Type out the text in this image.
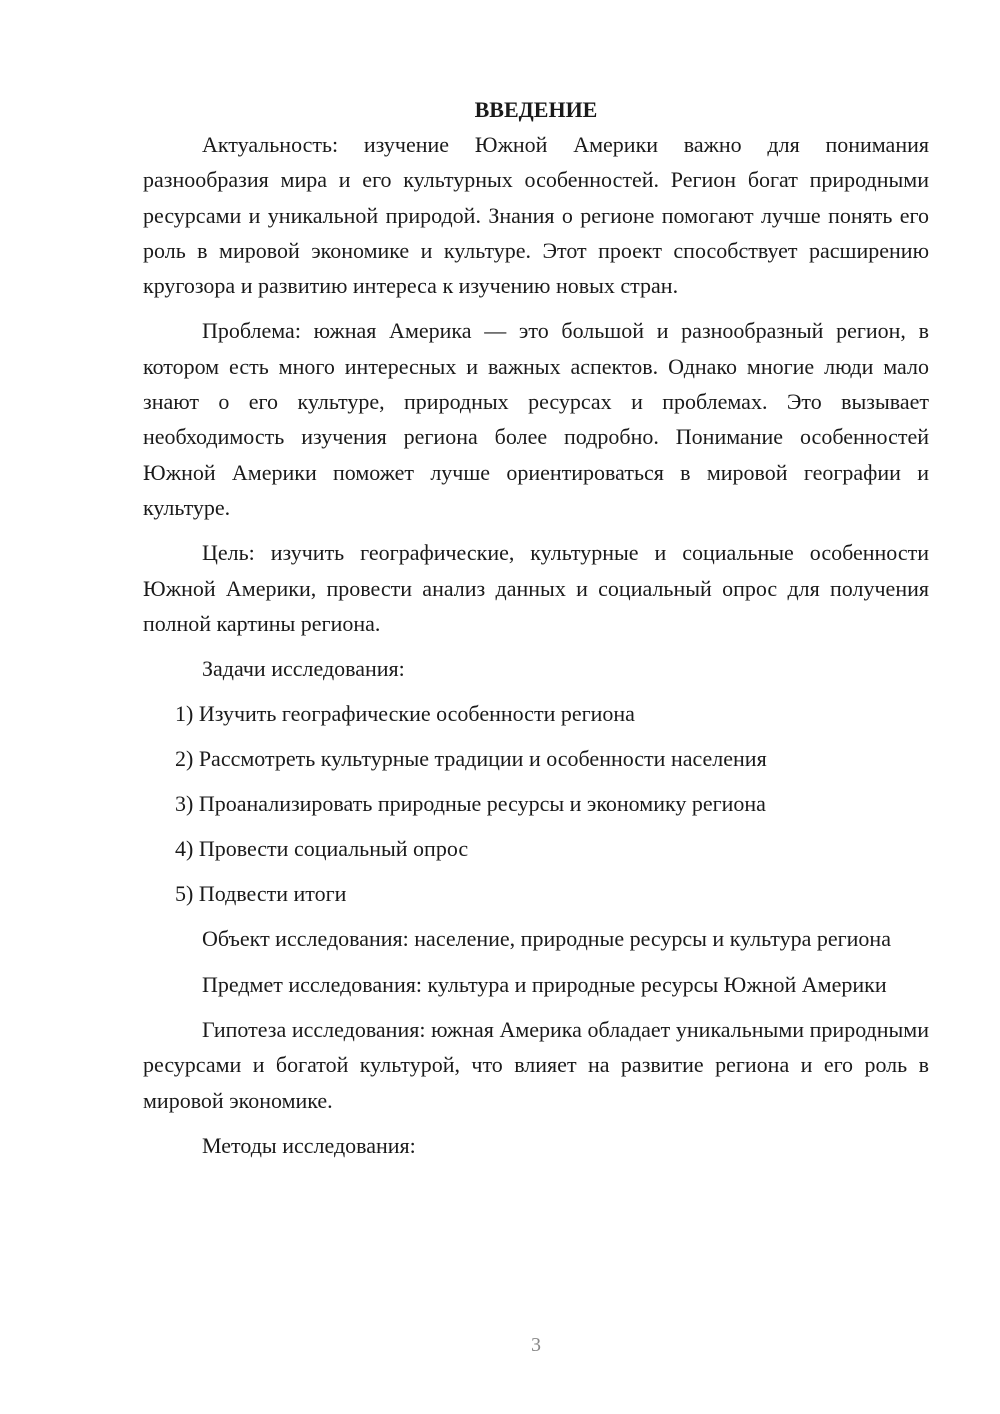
ВВЕДЕНИЕ

Актуальность: изучение Южной Америки важно для понимания разнообразия мира и его культурных особенностей. Регион богат природными ресурсами и уникальной природой. Знания о регионе помогают лучше понять его роль в мировой экономике и культуре. Этот проект способствует расширению кругозора и развитию интереса к изучению новых стран.

Проблема: южная Америка — это большой и разнообразный регион, в котором есть много интересных и важных аспектов. Однако многие люди мало знают о его культуре, природных ресурсах и проблемах. Это вызывает необходимость изучения региона более подробно. Понимание особенностей Южной Америки поможет лучше ориентироваться в мировой географии и культуре.

Цель: изучить географические, культурные и социальные особенности Южной Америки, провести анализ данных и социальный опрос для получения полной картины региона.

Задачи исследования:

1) Изучить географические особенности региона

2) Рассмотреть культурные традиции и особенности населения

3) Проанализировать природные ресурсы и экономику региона

4) Провести социальный опрос

5) Подвести итоги

Объект исследования: население, природные ресурсы и культура региона

Предмет исследования: культура и природные ресурсы Южной Америки

Гипотеза исследования: южная Америка обладает уникальными природными ресурсами и богатой культурой, что влияет на развитие региона и его роль в мировой экономике.

Методы исследования:

3
